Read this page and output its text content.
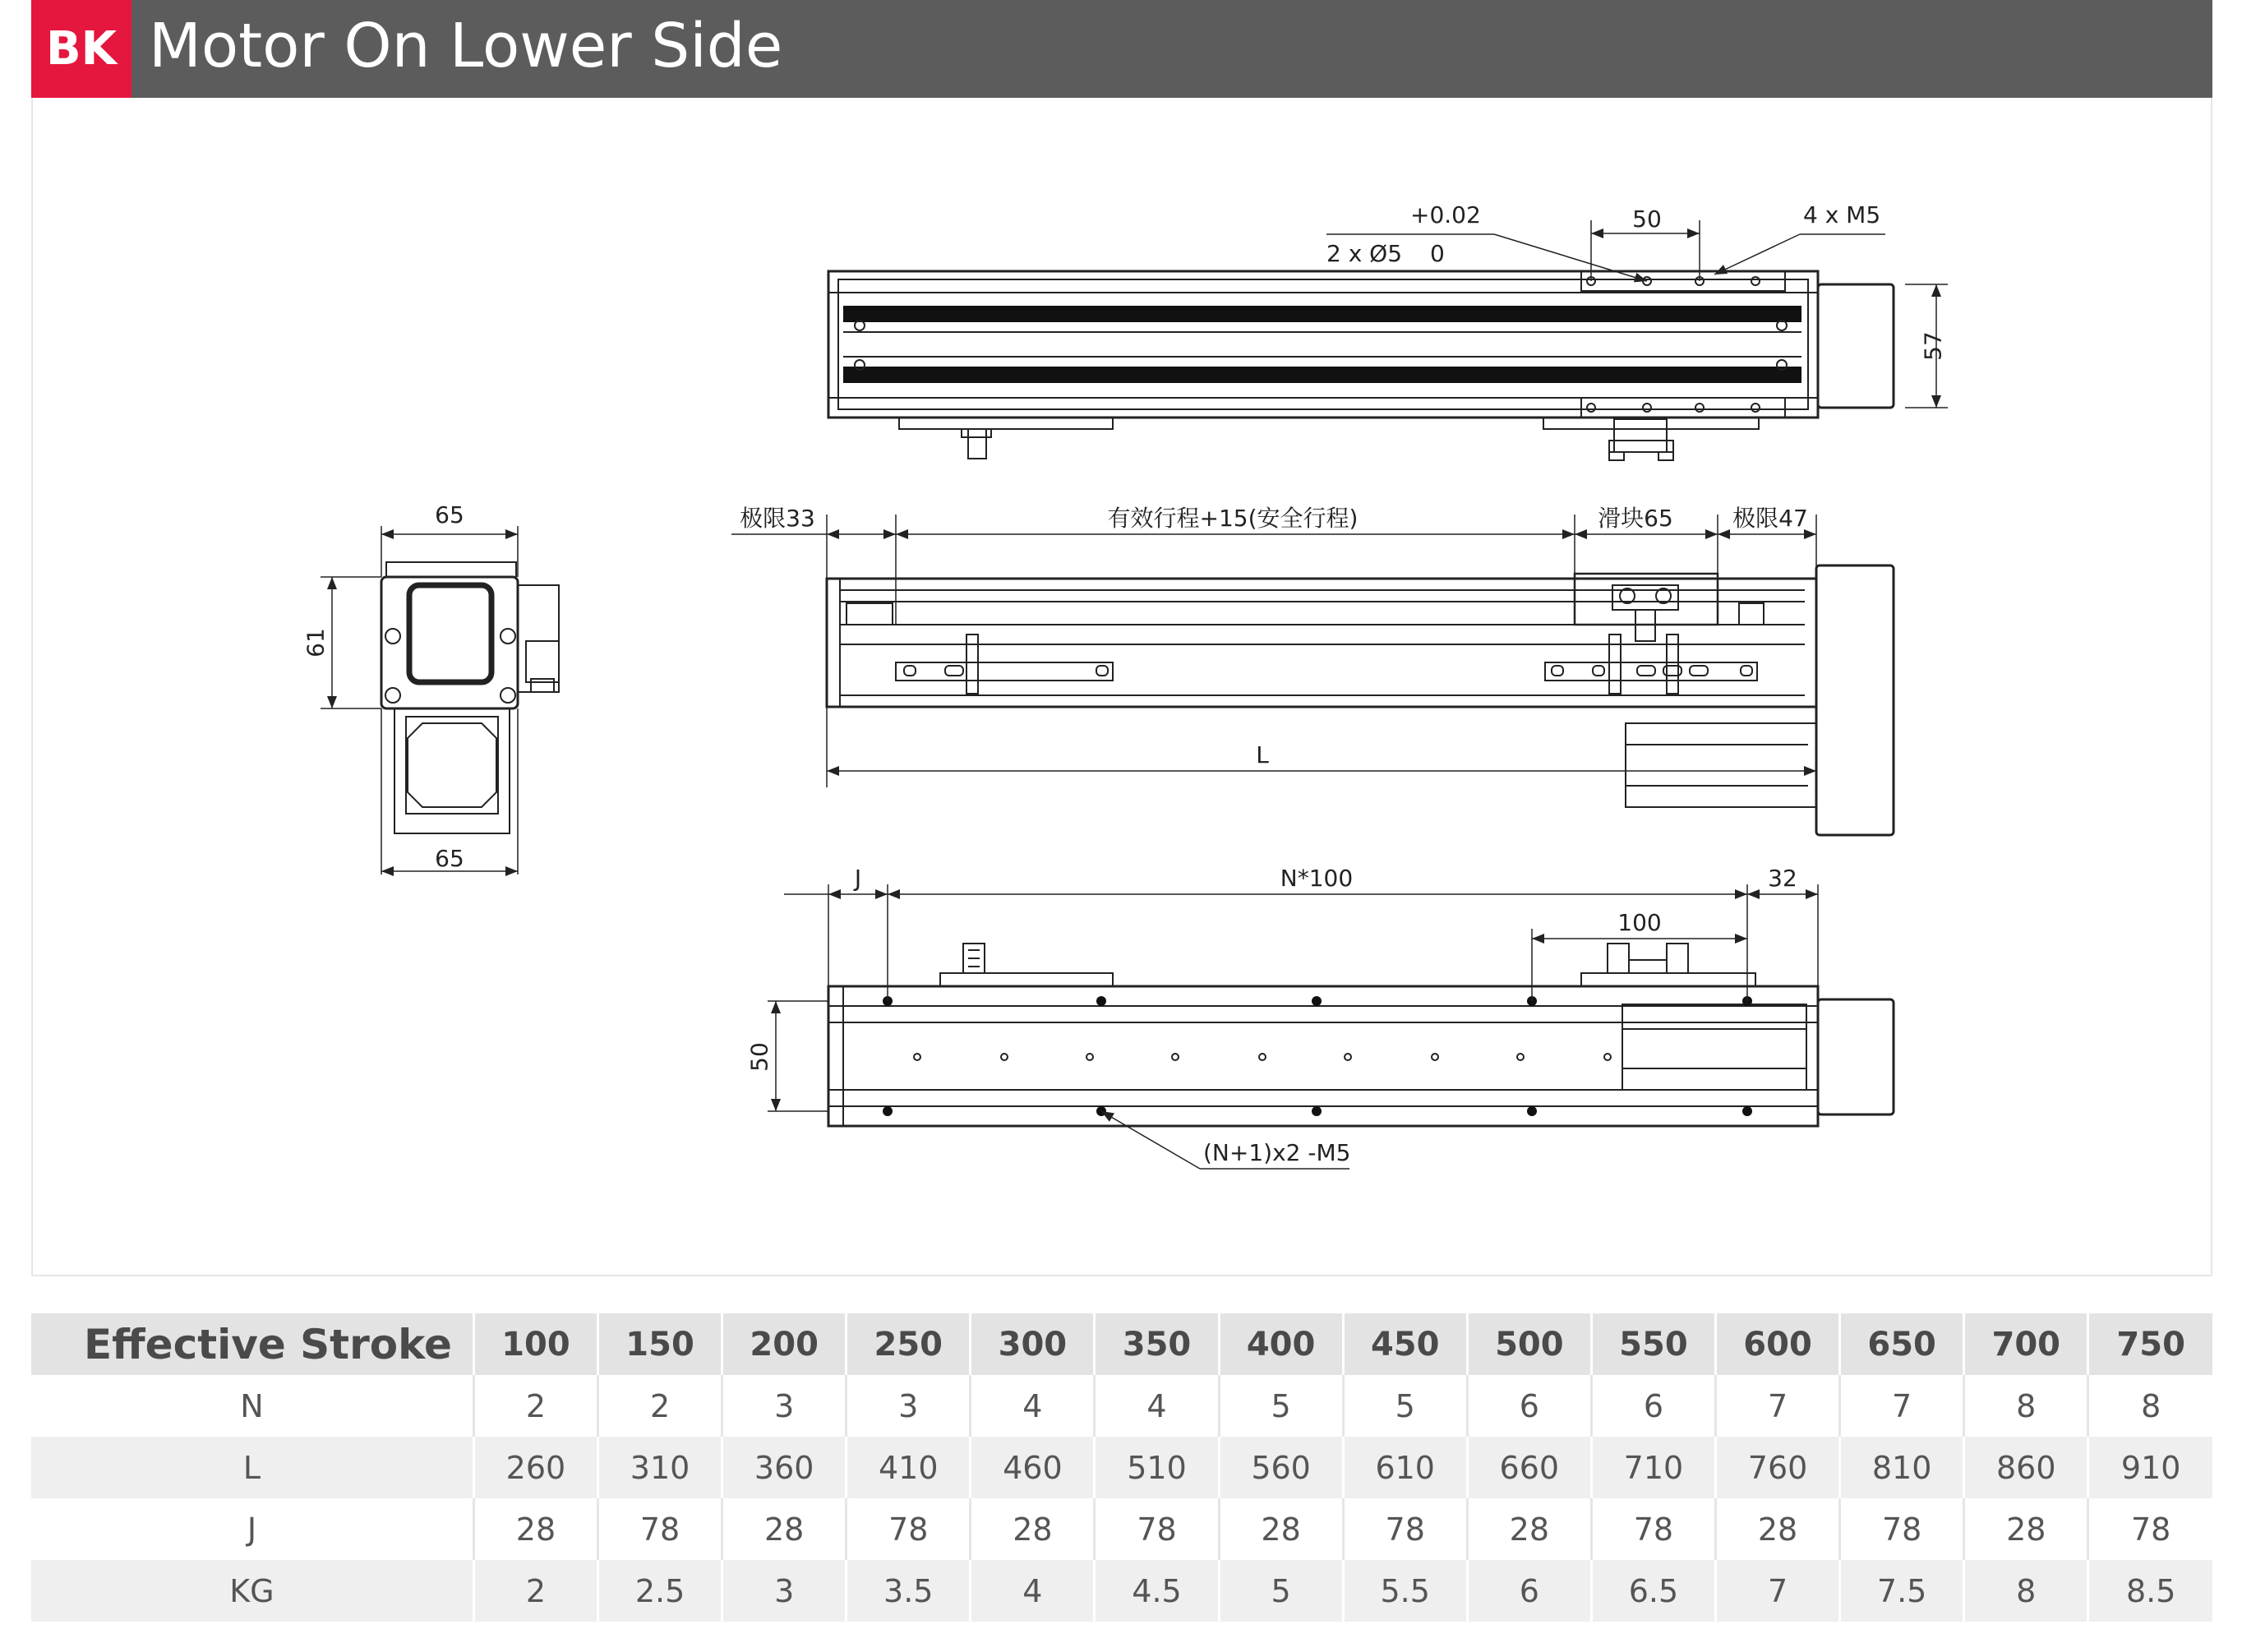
BK Motor On Lower Side
57
50
+0.02
2 x Ø5 0
4 x M5
极限33	有效行程+15(安全行程)	滑块65	极限47
L
65
61
65
J	N*100	32
100
50
(N+1)x2 -M5
Effective Stroke	100	150	200	250	300	350	400	450	500	550	600	650	700	750
N	2	2	3	3	4	4	5	5	6	6	7	7	8	8
L	260	310	360	410	460	510	560	610	660	710	760	810	860	910
J	28	78	28	78	28	78	28	78	28	78	28	78	28	78
KG	2	2.5	3	3.5	4	4.5	5	5.5	6	6.5	7	7.5	8	8.5
